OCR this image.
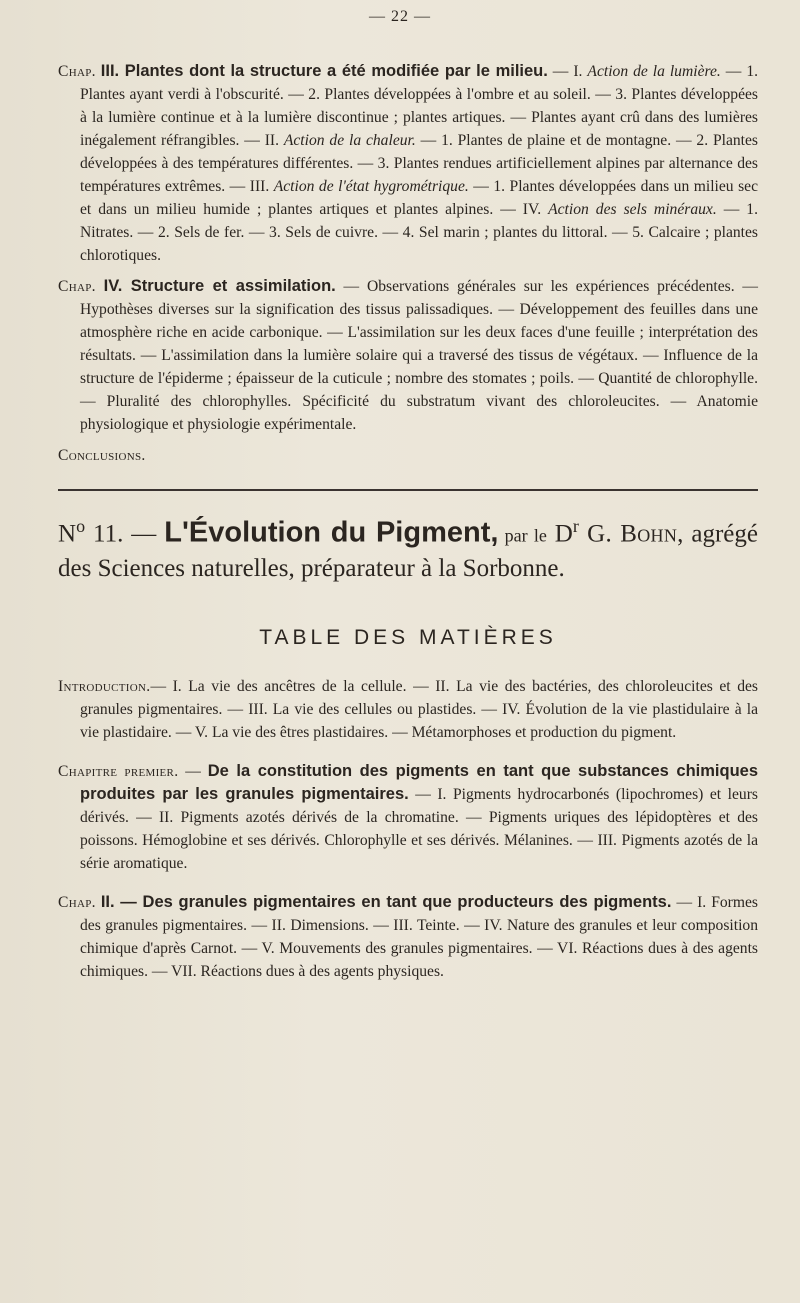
— 22 —

Chap. III. Plantes dont la structure a été modifiée par le milieu. — I. Action de la lumière. — 1. Plantes ayant verdi à l'obscurité. — 2. Plantes développées à l'ombre et au soleil. — 3. Plantes développées à la lumière continue et à la lumière discontinue ; plantes artiques. — Plantes ayant crû dans des lumières inégalement réfrangibles. — II. Action de la chaleur. — 1. Plantes de plaine et de montagne. — 2. Plantes développées à des températures différentes. — 3. Plantes rendues artificiellement alpines par alternance des températures extrêmes. — III. Action de l'état hygrométrique. — 1. Plantes développées dans un milieu sec et dans un milieu humide ; plantes artiques et plantes alpines. — IV. Action des sels minéraux. — 1. Nitrates. — 2. Sels de fer. — 3. Sels de cuivre. — 4. Sel marin ; plantes du littoral. — 5. Calcaire ; plantes chlorotiques.

Chap. IV. Structure et assimilation. — Observations générales sur les expériences précédentes. — Hypothèses diverses sur la signification des tissus palissadiques. — Développement des feuilles dans une atmosphère riche en acide carbonique. — L'assimilation sur les deux faces d'une feuille ; interprétation des résultats. — L'assimilation dans la lumière solaire qui a traversé des tissus de végétaux. — Influence de la structure de l'épiderme ; épaisseur de la cuticule ; nombre des stomates ; poils. — Quantité de chlorophylle. — Pluralité des chlorophylles. Spécificité du substratum vivant des chloroleucites. — Anatomie physiologique et physiologie expérimentale.

Conclusions.

$N^o$ 11. — L'Évolution du Pigment, par le $D^r$ G. Bohn, agrégé des Sciences naturelles, préparateur à la Sorbonne.

TABLE DES MATIÈRES

Introduction.— I. La vie des ancêtres de la cellule. — II. La vie des bactéries, des chloroleucites et des granules pigmentaires. — III. La vie des cellules ou plastides. — IV. Évolution de la vie plastidulaire à la vie plastidaire. — V. La vie des êtres plastidaires. — Métamorphoses et production du pigment.

Chapitre premier. — De la constitution des pigments en tant que substances chimiques produites par les granules pigmentaires. — I. Pigments hydrocarbonés (lipochromes) et leurs dérivés. — II. Pigments azotés dérivés de la chromatine. — Pigments uriques des lépidoptères et des poissons. Hémoglobine et ses dérivés. Chlorophylle et ses dérivés. Mélanines. — III. Pigments azotés de la série aromatique.

Chap. II. — Des granules pigmentaires en tant que producteurs des pigments. — I. Formes des granules pigmentaires. — II. Dimensions. — III. Teinte. — IV. Nature des granules et leur composition chimique d'après Carnot. — V. Mouvements des granules pigmentaires. — VI. Réactions dues à des agents chimiques. — VII. Réactions dues à des agents physiques.
